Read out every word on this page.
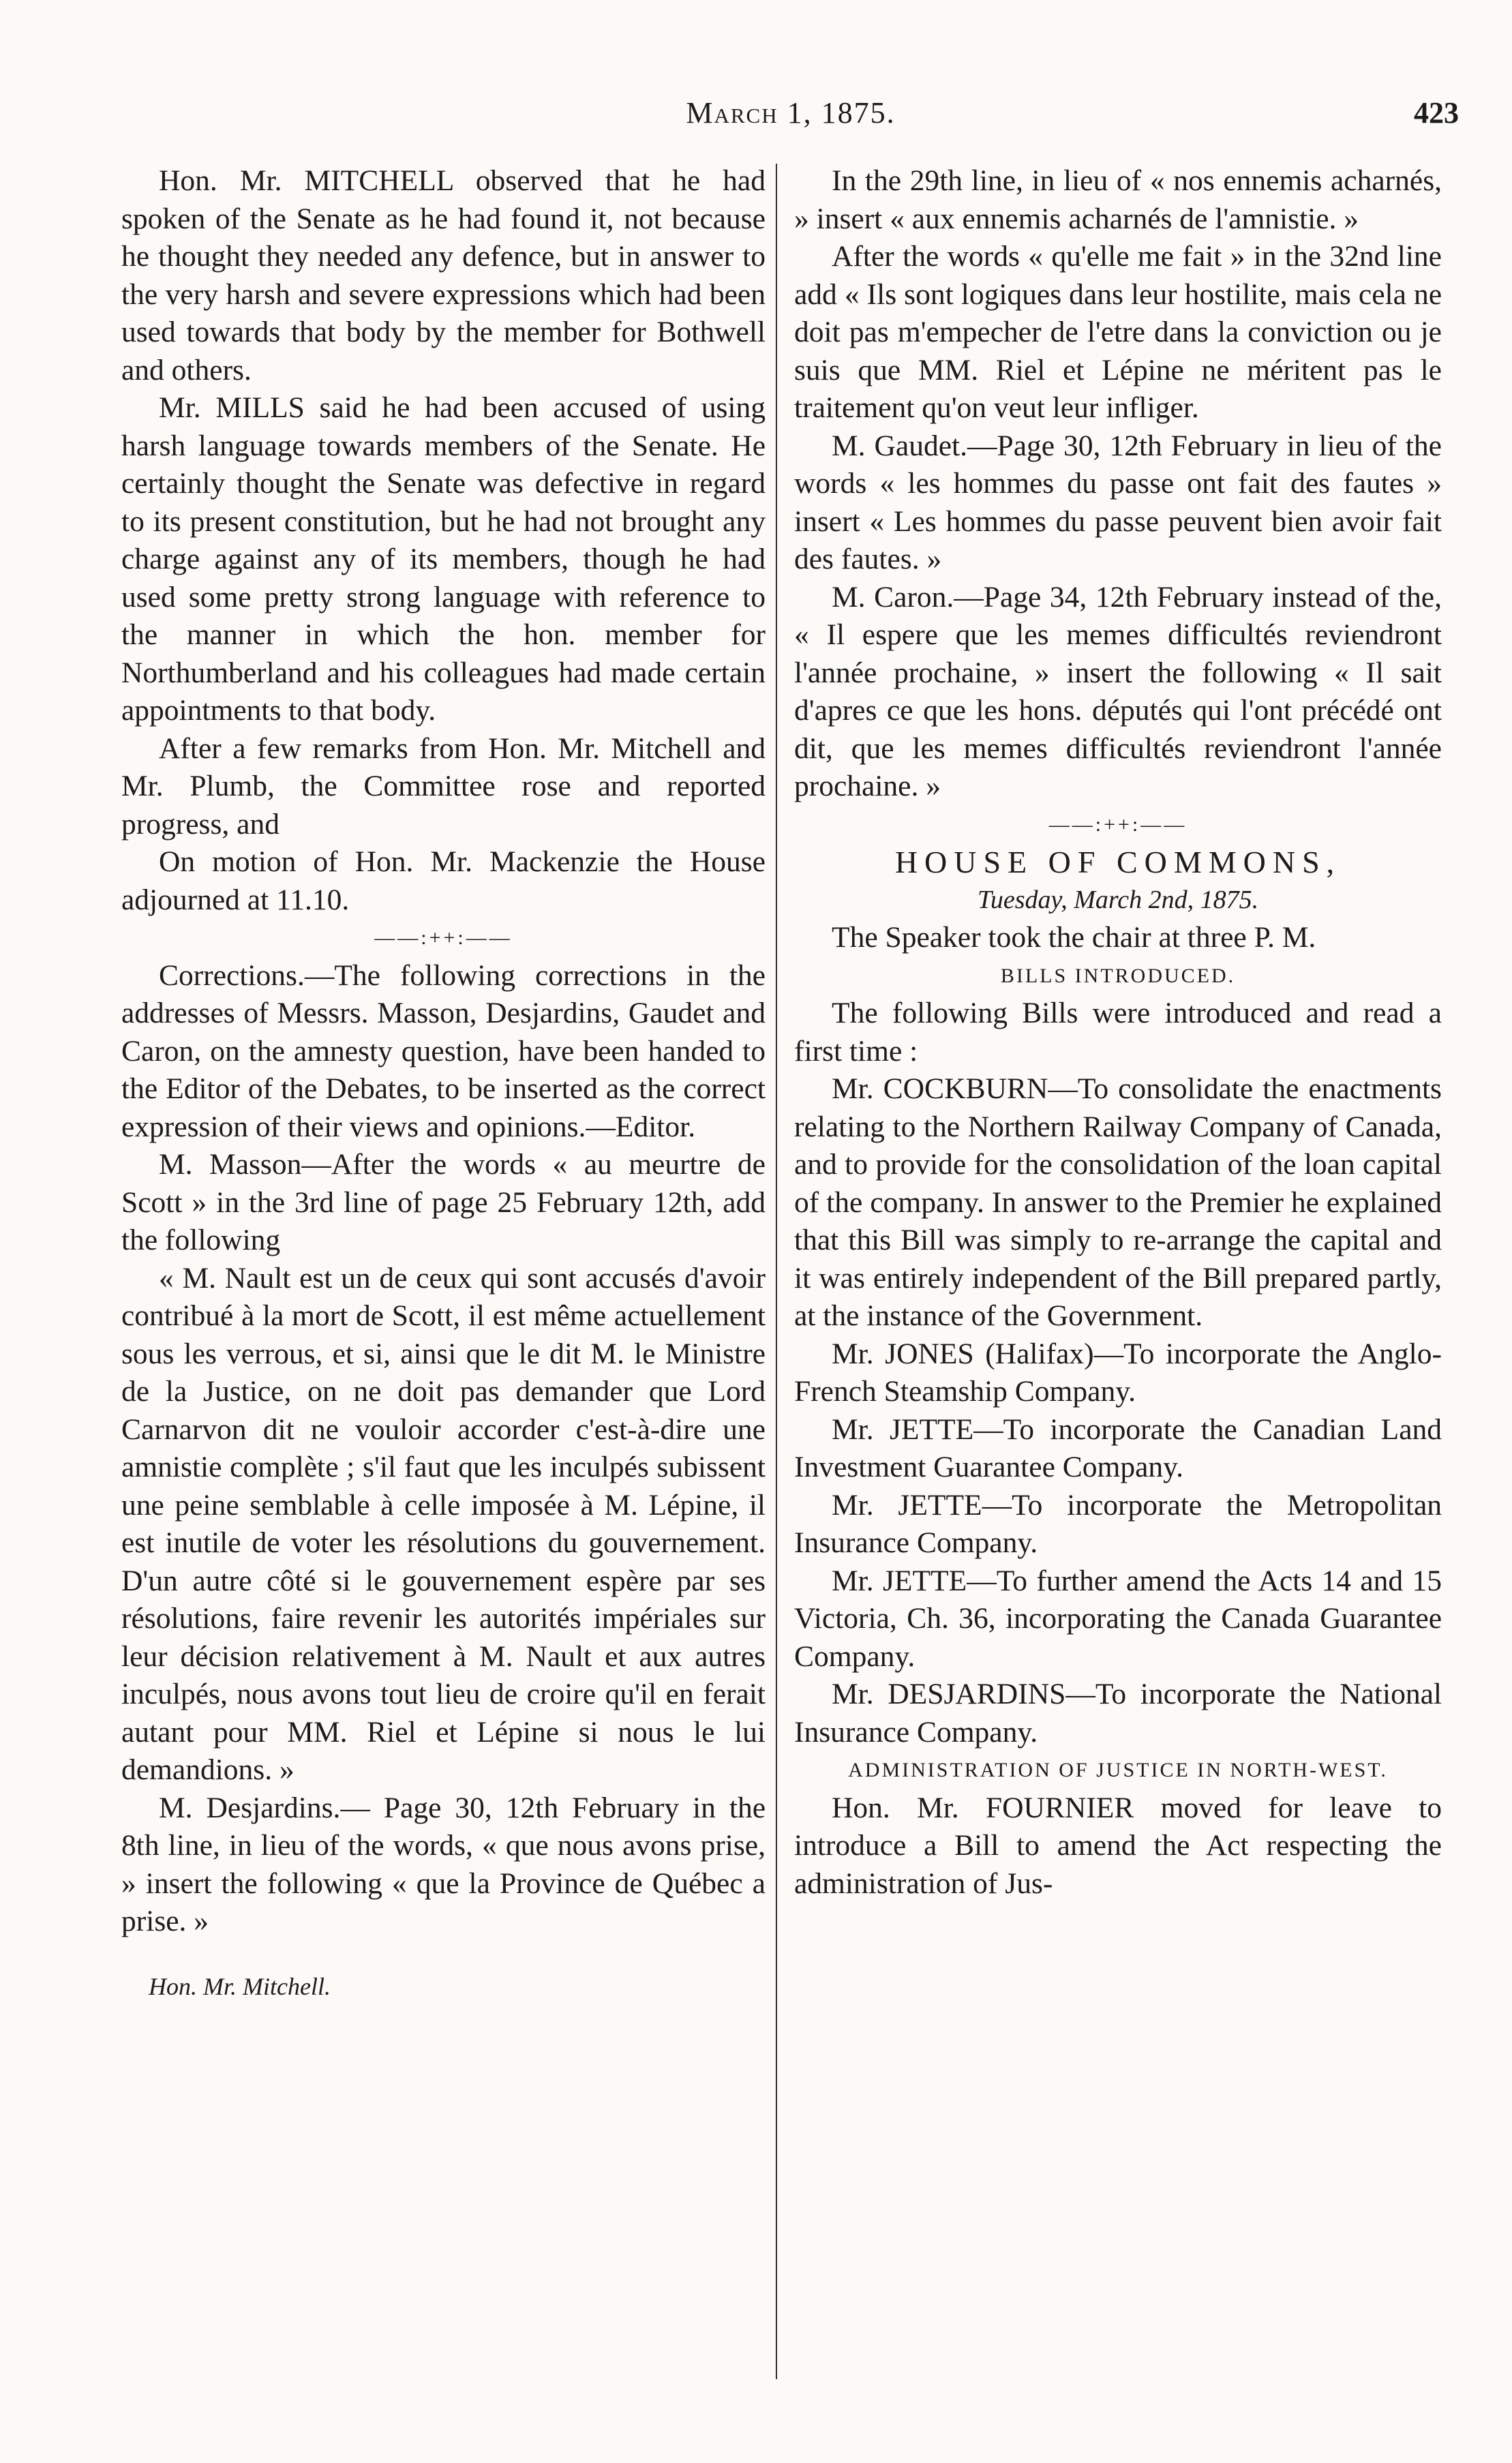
March 1, 1875.	423

Hon. Mr. MITCHELL observed that he had spoken of the Senate as he had found it, not because he thought they needed any defence, but in answer to the very harsh and severe expressions which had been used towards that body by the member for Bothwell and others.

Mr. MILLS said he had been accused of using harsh language towards members of the Senate. He certainly thought the Senate was defective in regard to its present constitution, but he had not brought any charge against any of its members, though he had used some pretty strong language with reference to the manner in which the hon. member for Northumberland and his colleagues had made certain appointments to that body.

After a few remarks from Hon. Mr. Mitchell and Mr. Plumb, the Committee rose and reported progress, and

On motion of Hon. Mr. Mackenzie the House adjourned at 11.10.

——:++:——

Corrections.—The following corrections in the addresses of Messrs. Masson, Desjardins, Gaudet and Caron, on the amnesty question, have been handed to the Editor of the Debates, to be inserted as the correct expression of their views and opinions.—Editor.

M. Masson—After the words « au meurtre de Scott » in the 3rd line of page 25 February 12th, add the following

« M. Nault est un de ceux qui sont accusés d'avoir contribué à la mort de Scott, il est même actuellement sous les verrous, et si, ainsi que le dit M. le Ministre de la Justice, on ne doit pas demander que Lord Carnarvon dit ne vouloir accorder c'est-à-dire une amnistie complète ; s'il faut que les inculpés subissent une peine semblable à celle imposée à M. Lépine, il est inutile de voter les résolutions du gouvernement. D'un autre côté si le gouvernement espère par ses résolutions, faire revenir les autorités impériales sur leur décision relativement à M. Nault et aux autres inculpés, nous avons tout lieu de croire qu'il en ferait autant pour MM. Riel et Lépine si nous le lui demandions. »

M. Desjardins.— Page 30, 12th February in the 8th line, in lieu of the words, « que nous avons prise, » insert the following « que la Province de Québec a prise. »

Hon. Mr. Mitchell.

In the 29th line, in lieu of « nos ennemis acharnés, » insert « aux ennemis acharnés de l'amnistie. »

After the words « qu'elle me fait » in the 32nd line add « Ils sont logiques dans leur hostilite, mais cela ne doit pas m'empecher de l'etre dans la conviction ou je suis que MM. Riel et Lépine ne méritent pas le traitement qu'on veut leur infliger.

M. Gaudet.—Page 30, 12th February in lieu of the words « les hommes du passe ont fait des fautes » insert « Les hommes du passe peuvent bien avoir fait des fautes. »

M. Caron.—Page 34, 12th February instead of the, « Il espere que les memes difficultés reviendront l'année prochaine, » insert the following « Il sait d'apres ce que les hons. députés qui l'ont précédé ont dit, que les memes difficultés reviendront l'année prochaine. »

——:++:——

HOUSE OF COMMONS,

Tuesday, March 2nd, 1875.

The Speaker took the chair at three P. M.

BILLS INTRODUCED.

The following Bills were introduced and read a first time :

Mr. COCKBURN—To consolidate the enactments relating to the Northern Railway Company of Canada, and to provide for the consolidation of the loan capital of the company. In answer to the Premier he explained that this Bill was simply to re-arrange the capital and it was entirely independent of the Bill prepared partly, at the instance of the Government.

Mr. JONES (Halifax)—To incorporate the Anglo-French Steamship Company.

Mr. JETTE—To incorporate the Canadian Land Investment Guarantee Company.

Mr. JETTE—To incorporate the Metropolitan Insurance Company.

Mr. JETTE—To further amend the Acts 14 and 15 Victoria, Ch. 36, incorporating the Canada Guarantee Company.

Mr. DESJARDINS—To incorporate the National Insurance Company.

ADMINISTRATION OF JUSTICE IN NORTH-WEST.

Hon. Mr. FOURNIER moved for leave to introduce a Bill to amend the Act respecting the administration of Jus-
